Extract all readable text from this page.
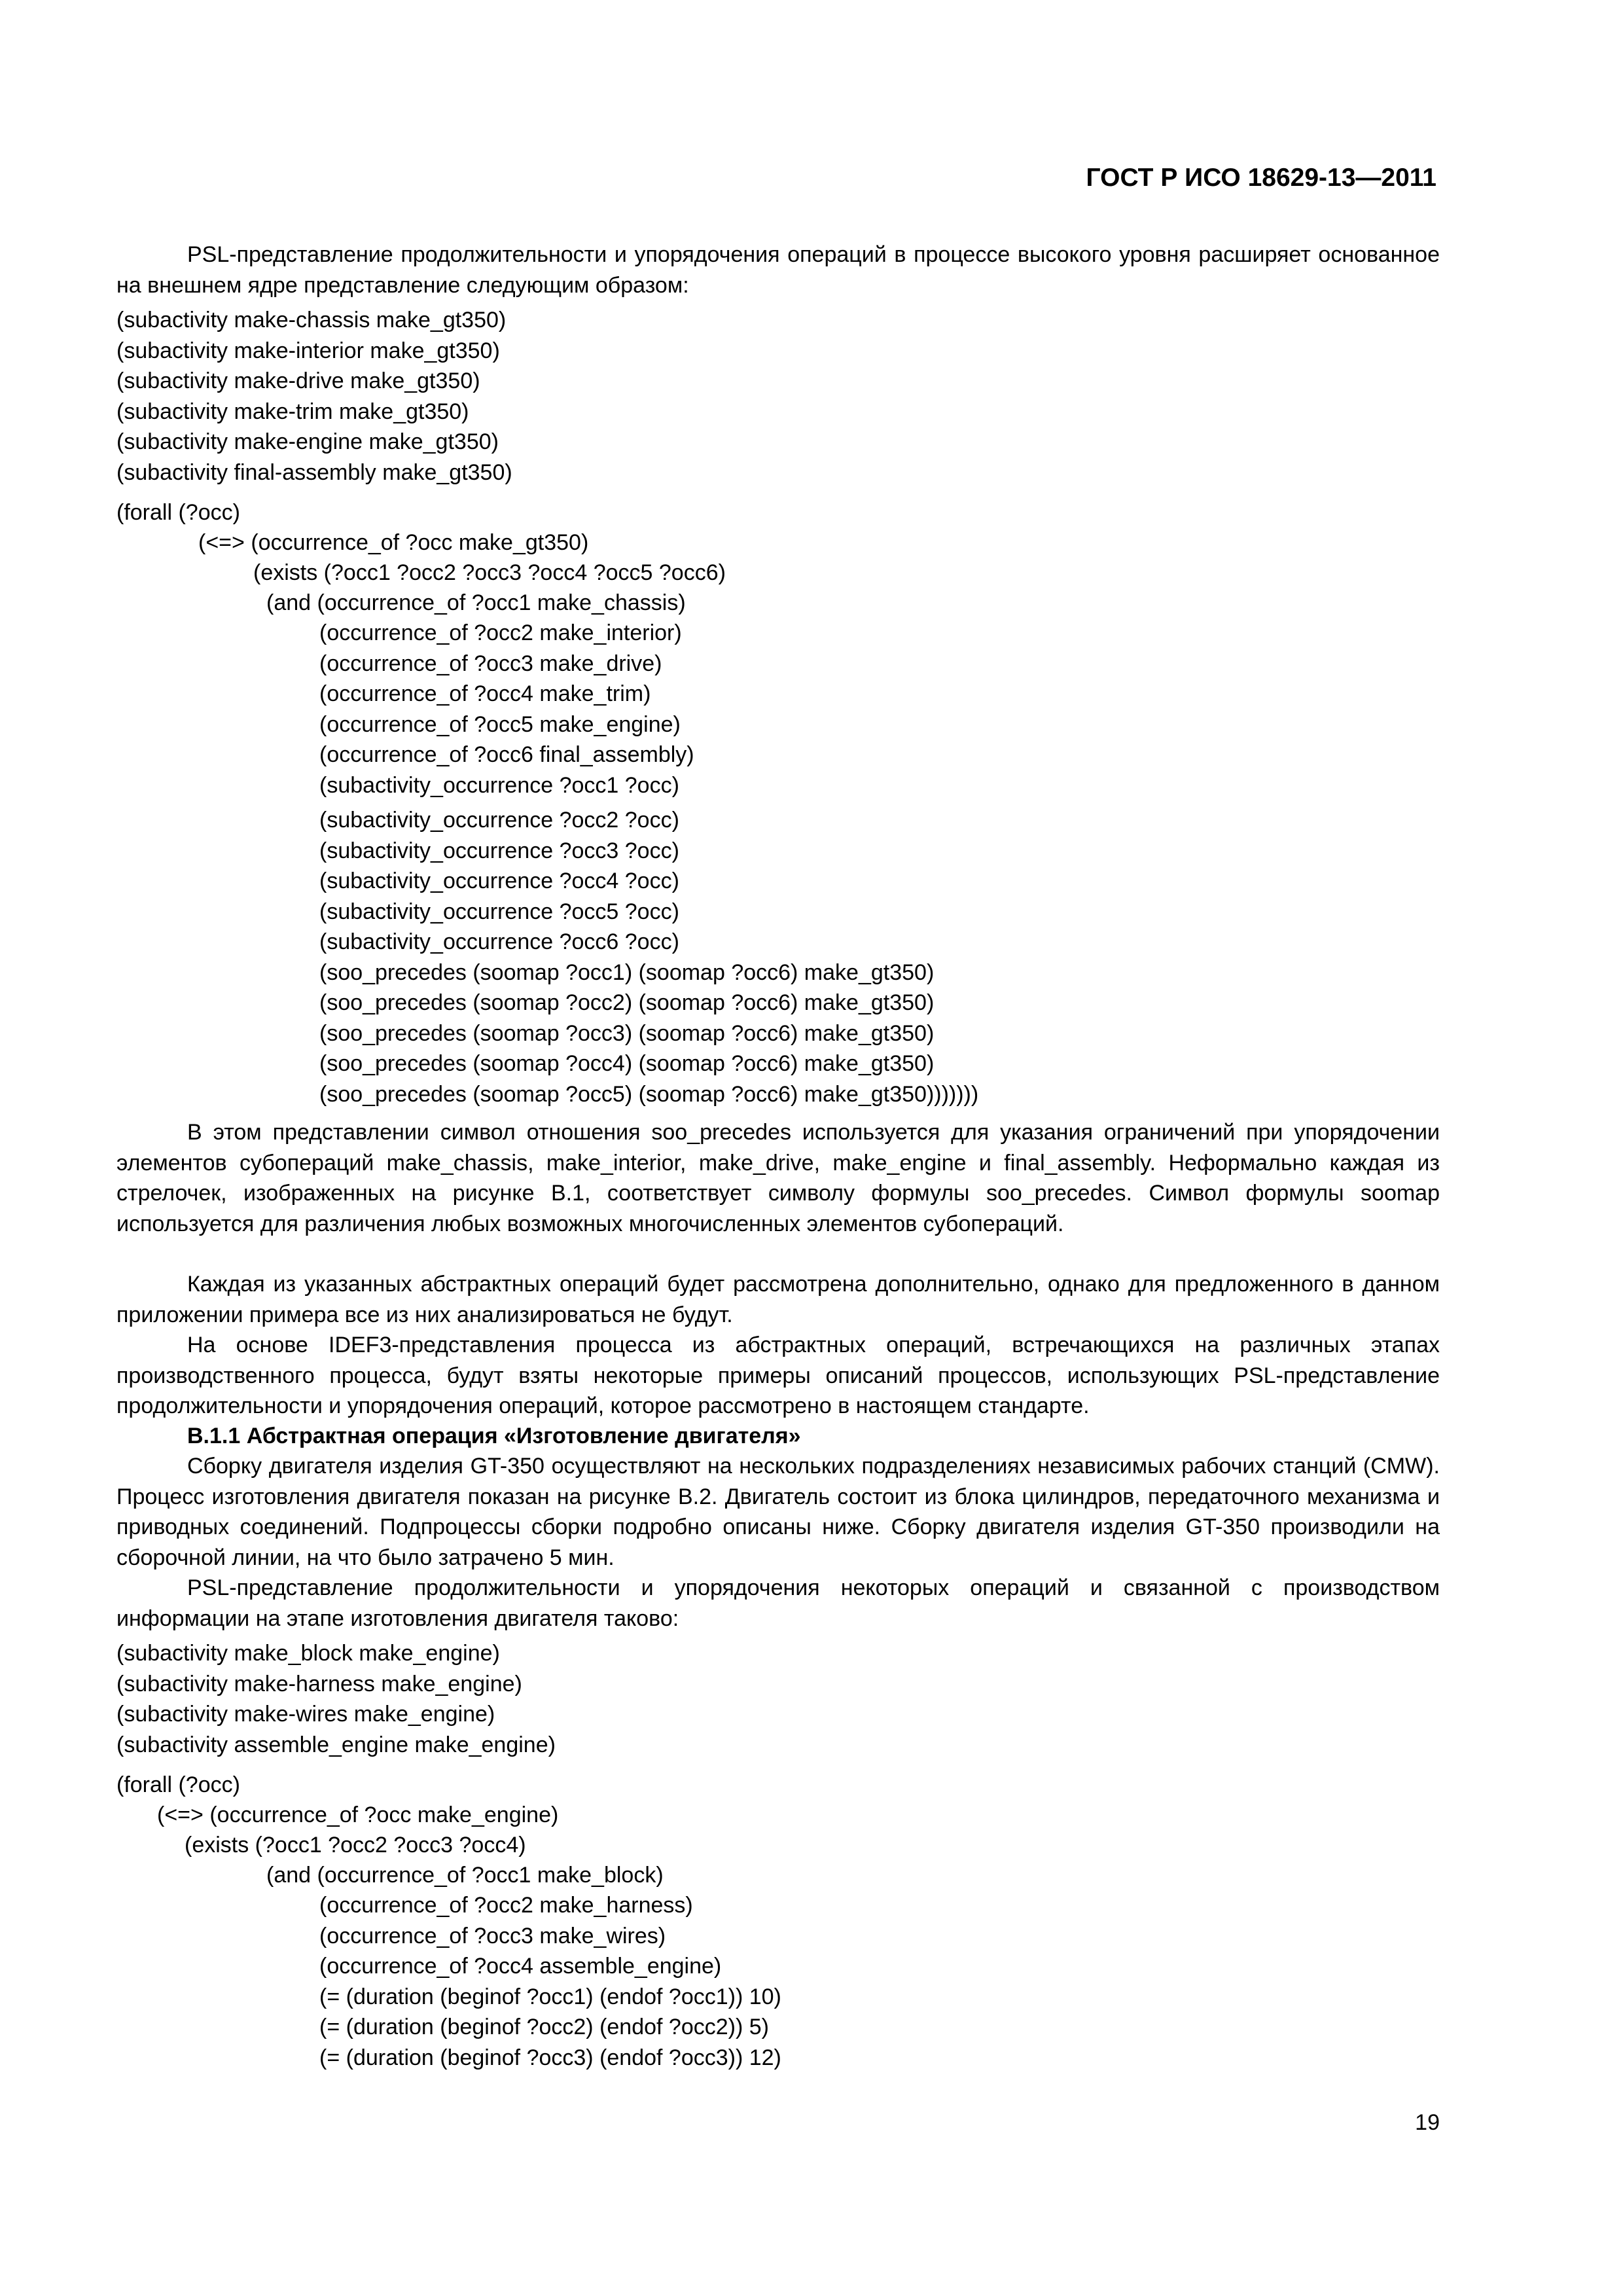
ГОСТ Р ИСО 18629-13—2011

PSL-представление продолжительности и упорядочения операций в процессе высокого уровня расширяет основанное на внешнем ядре представление следующим образом:

(subactivity make-chassis make_gt350)
(subactivity make-interior make_gt350)
(subactivity make-drive make_gt350)
(subactivity make-trim make_gt350)
(subactivity make-engine make_gt350)
(subactivity final-assembly make_gt350)
(forall (?occ)
(<=> (occurrence_of ?occ make_gt350)
(exists (?occ1 ?occ2 ?occ3 ?occ4 ?occ5 ?occ6)
(and (occurrence_of ?occ1 make_chassis)
(occurrence_of ?occ2 make_interior)
(occurrence_of ?occ3 make_drive)
(occurrence_of ?occ4 make_trim)
(occurrence_of ?occ5 make_engine)
(occurrence_of ?occ6 final_assembly)
(subactivity_occurrence ?occ1 ?occ)
(subactivity_occurrence ?occ2 ?occ)
(subactivity_occurrence ?occ3 ?occ)
(subactivity_occurrence ?occ4 ?occ)
(subactivity_occurrence ?occ5 ?occ)
(subactivity_occurrence ?occ6 ?occ)
(soo_precedes (soomap ?occ1) (soomap ?occ6) make_gt350)
(soo_precedes (soomap ?occ2) (soomap ?occ6) make_gt350)
(soo_precedes (soomap ?occ3) (soomap ?occ6) make_gt350)
(soo_precedes (soomap ?occ4) (soomap ?occ6) make_gt350)
(soo_precedes (soomap ?occ5) (soomap ?occ6) make_gt350)))))))

В этом представлении символ отношения soo_precedes используется для указания ограничений при упорядочении элементов субопераций make_chassis, make_interior, make_drive, make_engine и final_assembly. Неформально каждая из стрелочек, изображенных на рисунке B.1, соответствует символу формулы soo_precedes. Символ формулы soomap используется для различения любых возможных многочисленных элементов субопераций.

Каждая из указанных абстрактных операций будет рассмотрена дополнительно, однако для предложенного в данном приложении примера все из них анализироваться не будут.

На основе IDEF3-представления процесса из абстрактных операций, встречающихся на различных этапах производственного процесса, будут взяты некоторые примеры описаний процессов, использующих PSL-представление продолжительности и упорядочения операций, которое рассмотрено в настоящем стандарте.

B.1.1 Абстрактная операция «Изготовление двигателя»

Сборку двигателя изделия GT-350 осуществляют на нескольких подразделениях независимых рабочих станций (CMW). Процесс изготовления двигателя показан на рисунке B.2. Двигатель состоит из блока цилиндров, передаточного механизма и приводных соединений. Подпроцессы сборки подробно описаны ниже. Сборку двигателя изделия GT-350 производили на сборочной линии, на что было затрачено 5 мин.

PSL-представление продолжительности и упорядочения некоторых операций и связанной с производством информации на этапе изготовления двигателя таково:

(subactivity make_block make_engine)
(subactivity make-harness make_engine)
(subactivity make-wires make_engine)
(subactivity assemble_engine make_engine)
(forall (?occ)
(<=> (occurrence_of ?occ make_engine)
(exists (?occ1 ?occ2 ?occ3 ?occ4)
(and (occurrence_of ?occ1 make_block)
(occurrence_of ?occ2 make_harness)
(occurrence_of ?occ3 make_wires)
(occurrence_of ?occ4 assemble_engine)
(= (duration (beginof ?occ1) (endof ?occ1)) 10)
(= (duration (beginof ?occ2) (endof ?occ2)) 5)
(= (duration (beginof ?occ3) (endof ?occ3)) 12)
19
